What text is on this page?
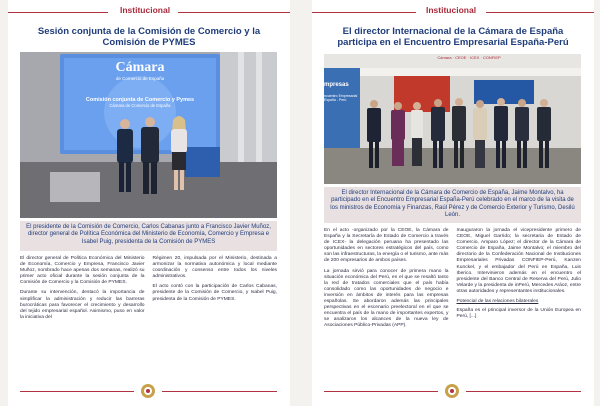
Institucional
Sesión conjunta de la Comisión de Comercio y la Comisión de PYMES
Cámara
de Comercio de España
Comisión conjunta de Comercio y Pymes
Cámara de Comercio de España
El presidente de la Comisión de Comercio, Carlos Cabanas junto a Francisco Javier Muñoz, director general de Política Económica del Ministerio de Economía, Comercio y Empresa e Isabel Puig, presidenta de la Comisión de PYMES

El director general de Política Económica del Ministerio de Economía, Comercio y Empresa, Francisco Javier Muñoz, nombrado hace apenas dos semanas, realizó su primer acto oficial durante la sesión conjunta de la Comisión de Comercio y la Comisión de PYMES.

Durante su intervención, destacó la importancia de simplificar la administración y reducir las barreras burocráticas para favorecer el crecimiento y desarrollo del tejido empresarial español. Asimismo, puso en valor la iniciativa del

Régimen 20, impulsada por el Ministerio, destinada a armonizar la normativa autonómica y local mediante coordinación y consenso entre todos los niveles administrativos.

El acto contó con la participación de Carlos Cabanas, presidente de la Comisión de Comercio, y Isabel Puig, presidenta de la Comisión de PYMES.

Institucional
El director Internacional de la Cámara de España participa en el Encuentro Empresarial España-Perú
mpresas
ncuentro Empresarial
España - Perú
Cámara · CEOE · ICEX · CONFIEP
El director Internacional de la Cámara de Comercio de España, Jaime Montalvo, ha participado en el Encuentro Empresarial España-Perú celebrado en el marco de la visita de los ministros de Economía y Finanzas, Raúl Pérez y de Comercio Exterior y Turismo, Desilú León.

En el acto -organizado por la CEOE, la Cámara de España y la Secretaría de Estado de Comercio a través de ICEX- la delegación peruana ha presentado las oportunidades en sectores estratégicos del país, como son las infraestructuras, la energía o el turismo, ante más de 200 empresarios de ambos países.

La jornada sirvió para conocer de primera mano la situación económica del Perú, en el que se resaltó tanto la red de tratados comerciales que el país había consolidado como las oportunidades de negocio e inversión en ámbitos de interés para las empresas españolas. Se abordaron además las principales perspectivas en el escenario preelectoral en el que se encuentra el país de la mano de importantes expertos, y se analizaron los alcances de la nueva ley de Asociaciones Público-Privadas (APP).

Inauguraron la jornada el vicepresidente primero de CEOE, Miguel Garrido; la secretaria de Estado de Comercio, Amparo López; el director de la Cámara de Comercio de España, Jaime Montalvo; el miembro del directorio de la Confederación Nacional de Instituciones Empresariales Privadas CONFIEP-Perú, Kanzen Kunckel, y el embajador del Perú en España, Luis Iberico. Intervinieron además en el encuentro el presidente del Banco Central de Reserva del Perú, Julio Velarde y la presidenta de inPerú, Mercedes Aráoz, entre otras autoridades y representantes institucionales.

Potencial de las relaciones bilaterales

España es el principal inversor de la Unión Europea en Perú, [...]
